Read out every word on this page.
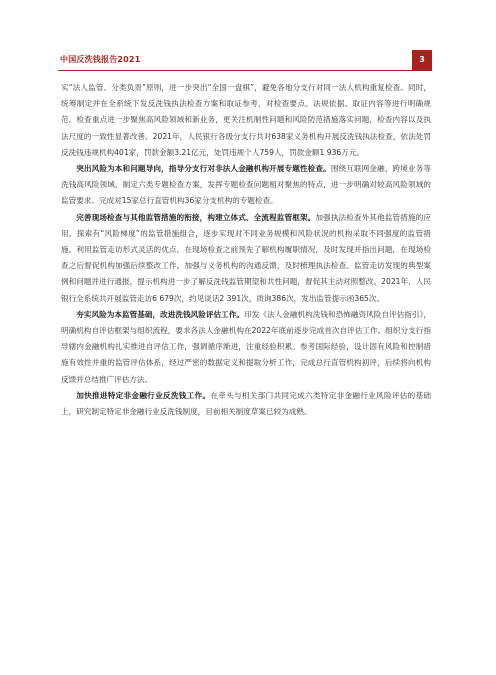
中国反洗钱报告2021	3

实“法人监管、分类负责”原则，进一步突出“全国一盘棋”，避免各地分支行对同一法人机构重复检查。同时，统筹制定并在全系统下发反洗钱执法检查方案和取证参考，对检查要点、法规依据、取证内容等进行明确规范。检查重点进一步聚焦高风险领域和新业务，更关注机制性问题和风险防范措施落实问题，检查内容以及执法尺度的一致性显著改善。2021年，人民银行各级分支行共对638家义务机构开展反洗钱执法检查，依法处罚反洗钱违规机构401家，罚款金额3.21亿元，处罚违规个人759人，罚款金额1 936万元。

突出风险为本和问题导向，指导分支行对非法人金融机构开展专题性检查。围绕互联网金融、跨境业务等洗钱高风险领域，制定六类专题检查方案，发挥专题检查问题相对聚焦的特点，进一步明确对较高风险领域的监管要求。完成对15家总行直管机构36家分支机构的专题检查。

完善现场检查与其他监管措施的衔接，构建立体式、全流程监管框架。加强执法检查外其他监管措施的应用，探索有“风险梯度”的监管措施组合，逐步实现对不同业务规模和风险状况的机构采取不同强度的监管措施。利用监管走访形式灵活的优点，在现场检查之前预先了解机构履职情况，及时发现并指出问题，在现场检查之后督促机构加强后续整改工作。加强与义务机构的沟通反馈，及时梳理执法检查、监管走访发现的典型案例和问题并进行通报，提示机构进一步了解反洗钱监管期望和共性问题，督促其主动对照整改。2021年，人民银行全系统共开展监管走访6 679次，约见谈话2 391次，质询386次，发出监管提示函365次。

夯实风险为本监管基础，改进洗钱风险评估工作。印发《法人金融机构洗钱和恐怖融资风险自评估指引》，明确机构自评估框架与组织流程，要求各法人金融机构在2022年底前逐步完成首次自评估工作。组织分支行指导辖内金融机构扎实推进自评估工作，强调循序渐进，注重经验积累。参考国际经验，设计固有风险和控制措施有效性并重的监管评估体系，经过严密的数据定义和提取分析工作，完成总行直管机构初评，后续将向机构反馈并总结推广评估方法。

加快推进特定非金融行业反洗钱工作。在牵头与相关部门共同完成六类特定非金融行业风险评估的基础上，研究制定特定非金融行业反洗钱制度，目前相关制度草案已较为成熟。
